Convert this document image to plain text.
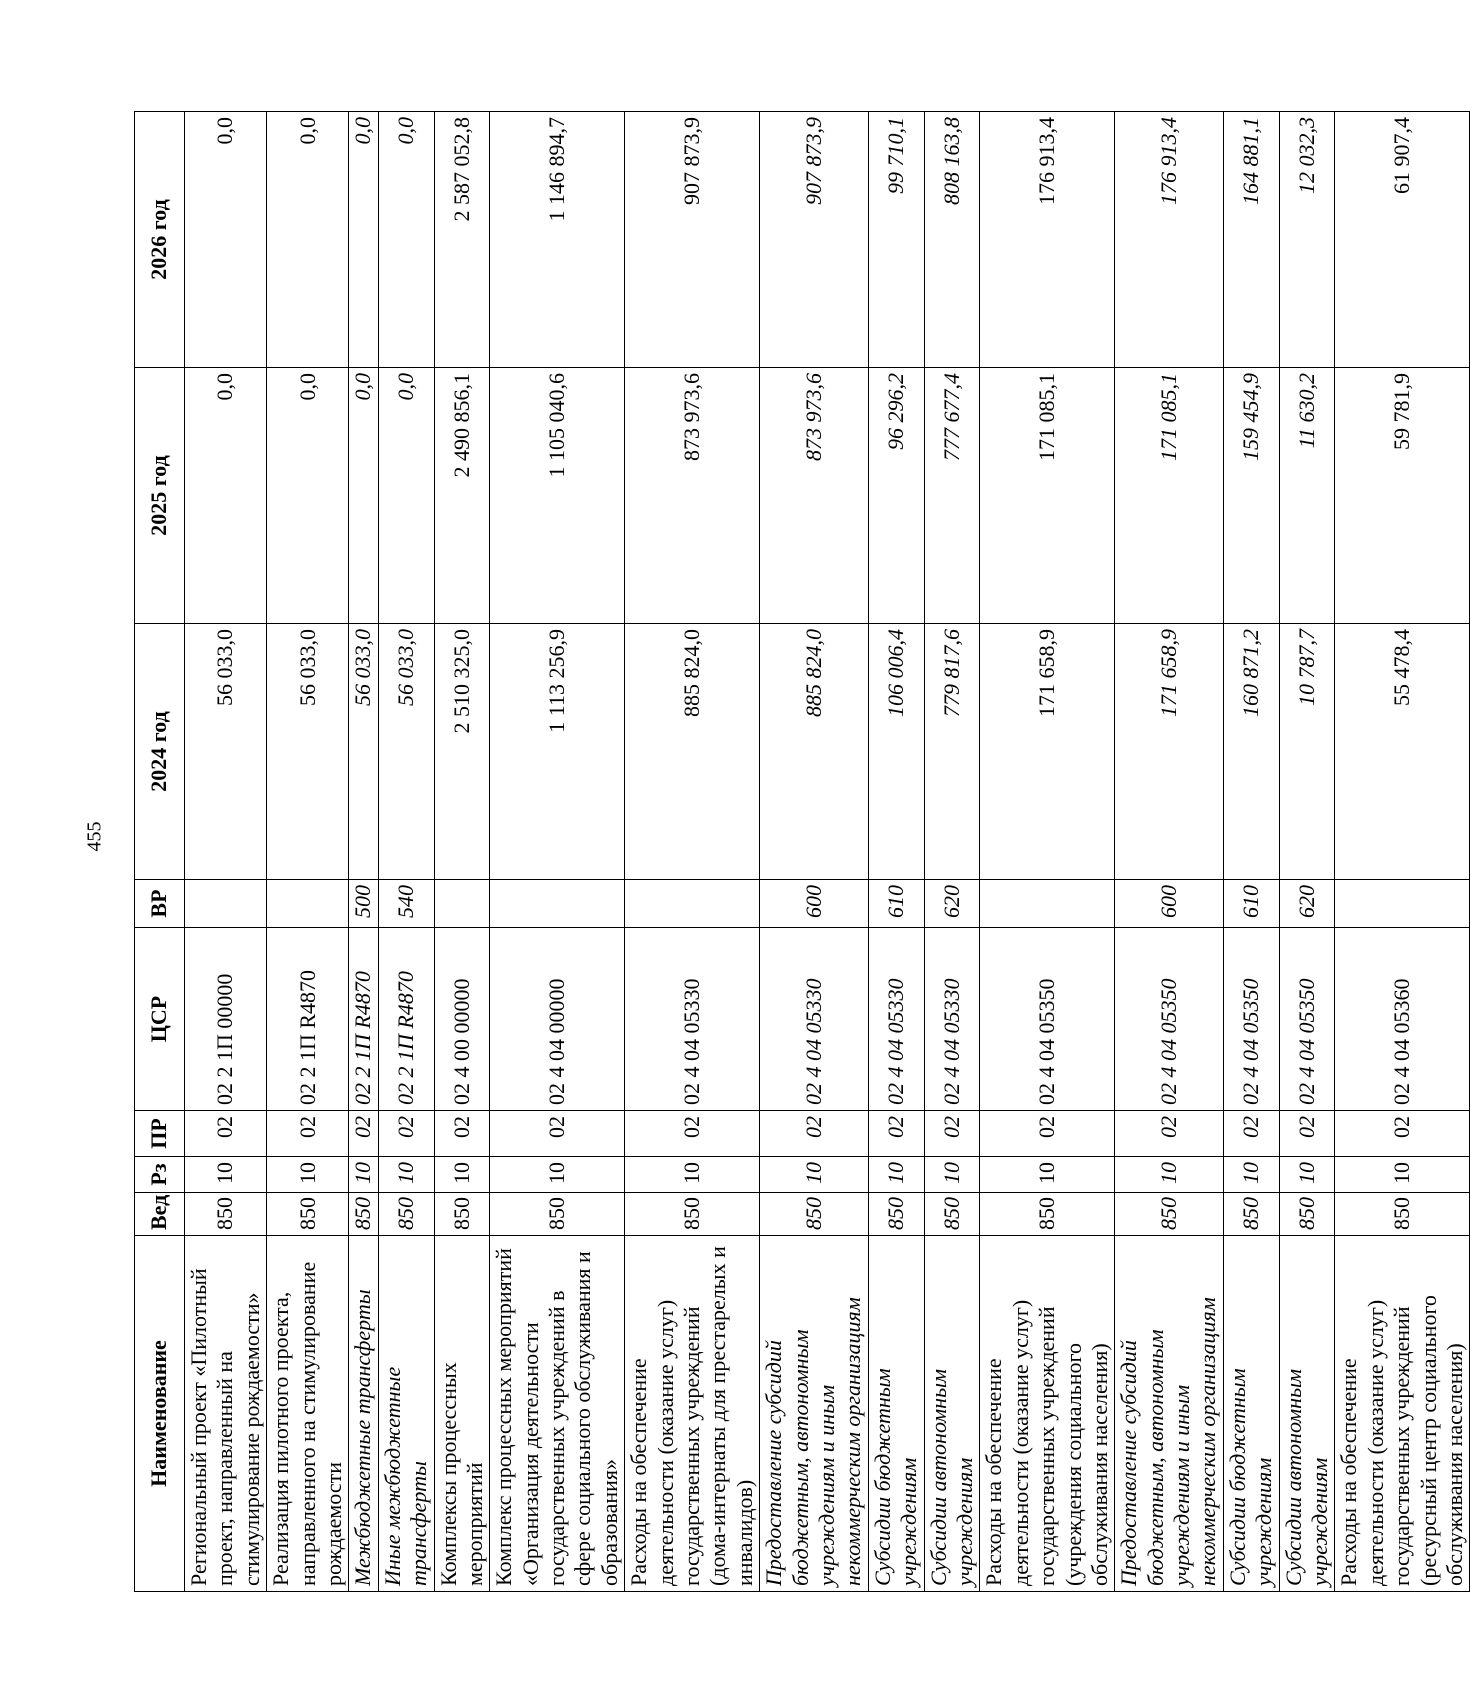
455
Наименование	Вед	Рз	ПР	ЦСР	ВР	2024 год	2025 год	2026 год
Региональный проект «Пилотный проект, направленный на стимулирование рождаемости»	850	10	02	02 2 1П 00000		56 033,0	0,0	0,0
Реализация пилотного проекта, направленного на стимулирование рождаемости	850	10	02	02 2 1П R4870		56 033,0	0,0	0,0
Межбюджетные трансферты	850	10	02	02 2 1П R4870	500	56 033,0	0,0	0,0
Иные межбюджетные трансферты	850	10	02	02 2 1П R4870	540	56 033,0	0,0	0,0
Комплексы процессных мероприятий	850	10	02	02 4 00 00000		2 510 325,0	2 490 856,1	2 587 052,8
Комплекс процессных мероприятий «Организация деятельности государственных учреждений в сфере социального обслуживания и образования»	850	10	02	02 4 04 00000		1 113 256,9	1 105 040,6	1 146 894,7
Расходы на обеспечение деятельности (оказание услуг) государственных учреждений (дома-интернаты для престарелых и инвалидов)	850	10	02	02 4 04 05330		885 824,0	873 973,6	907 873,9
Предоставление субсидий бюджетным, автономным учреждениям и иным некоммерческим организациям	850	10	02	02 4 04 05330	600	885 824,0	873 973,6	907 873,9
Субсидии бюджетным учреждениям	850	10	02	02 4 04 05330	610	106 006,4	96 296,2	99 710,1
Субсидии автономным учреждениям	850	10	02	02 4 04 05330	620	779 817,6	777 677,4	808 163,8
Расходы на обеспечение деятельности (оказание услуг) государственных учреждений (учреждения социального обслуживания населения)	850	10	02	02 4 04 05350		171 658,9	171 085,1	176 913,4
Предоставление субсидий бюджетным, автономным учреждениям и иным некоммерческим организациям	850	10	02	02 4 04 05350	600	171 658,9	171 085,1	176 913,4
Субсидии бюджетным учреждениям	850	10	02	02 4 04 05350	610	160 871,2	159 454,9	164 881,1
Субсидии автономным учреждениям	850	10	02	02 4 04 05350	620	10 787,7	11 630,2	12 032,3
Расходы на обеспечение деятельности (оказание услуг) государственных учреждений (ресурсный центр социального обслуживания населения)	850	10	02	02 4 04 05360		55 478,4	59 781,9	61 907,4
